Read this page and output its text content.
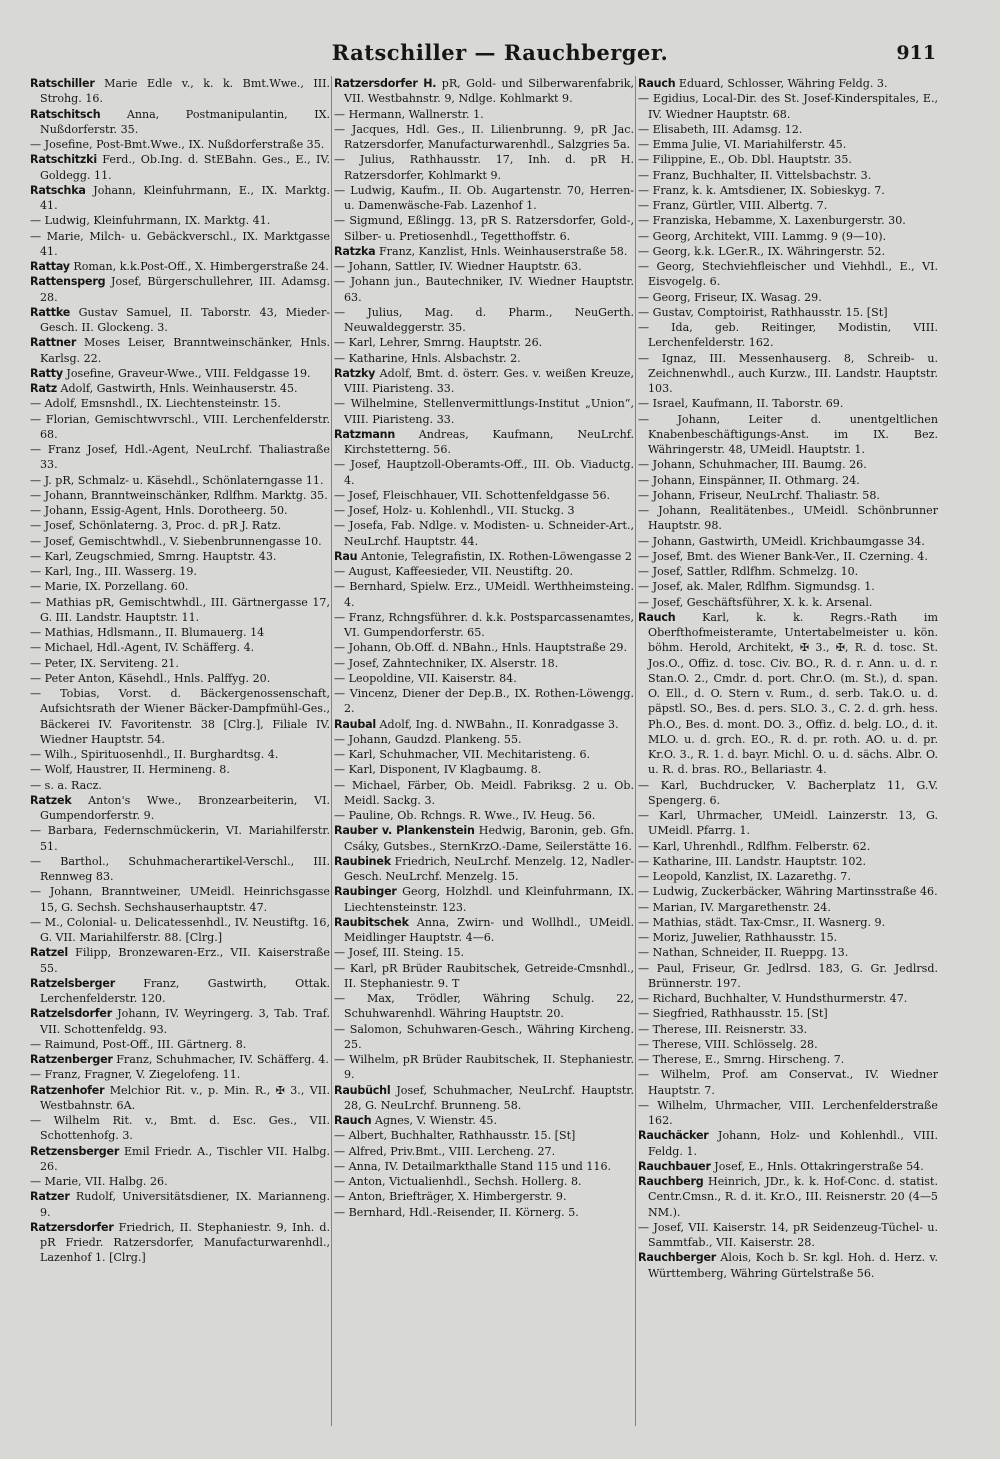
Ratschiller — Rauchberger.	911

Ratschiller Marie Edle v., k. k. Bmt.Wwe., III. Strohg. 16.

Ratschitsch Anna, Postmanipulantin, IX. Nußdorferstr. 35.

— Josefine, Post-Bmt.Wwe., IX. Nußdorferstraße 35.

Ratschitzki Ferd., Ob.Ing. d. StEBahn. Ges., E., IV. Goldegg. 11.

Ratschka Johann, Kleinfuhrmann, E., IX. Marktg. 41.

— Ludwig, Kleinfuhrmann, IX. Marktg. 41.

— Marie, Milch- u. Gebäckverschl., IX. Marktgasse 41.

Rattay Roman, k.k.Post-Off., X. Himbergerstraße 24.

Rattensperg Josef, Bürgerschullehrer, III. Adamsg. 28.

Rattke Gustav Samuel, II. Taborstr. 43, Mieder-Gesch. II. Glockeng. 3.

Rattner Moses Leiser, Branntweinschänker, Hnls. Karlsg. 22.

Ratty Josefine, Graveur-Wwe., VIII. Feldgasse 19.

Ratz Adolf, Gastwirth, Hnls. Weinhauserstr. 45.

— Adolf, Emsnshdl., IX. Liechtensteinstr. 15.

— Florian, Gemischtwvrschl., VIII. Lerchenfelderstr. 68.

— Franz Josef, Hdl.-Agent, NeuLrchf. Thaliastraße 33.

— J. pR, Schmalz- u. Käsehdl., Schönlaterngasse 11.

— Johann, Branntweinschänker, Rdlfhm. Marktg. 35.

— Johann, Essig-Agent, Hnls. Dorotheerg. 50.

— Josef, Schönlaterng. 3, Proc. d. pR J. Ratz.

— Josef, Gemischtwhdl., V. Siebenbrunnengasse 10.

— Karl, Zeugschmied, Smrng. Hauptstr. 43.

— Karl, Ing., III. Wasserg. 19.

— Marie, IX. Porzellang. 60.

— Mathias pR, Gemischtwhdl., III. Gärtnergasse 17, G. III. Landstr. Hauptstr. 11.

— Mathias, Hdlsmann., II. Blumauerg. 14

— Michael, Hdl.-Agent, IV. Schäfferg. 4.

— Peter, IX. Serviteng. 21.

— Peter Anton, Käsehdl., Hnls. Palffyg. 20.

— Tobias, Vorst. d. Bäckergenossenschaft, Aufsichtsrath der Wiener Bäcker-Dampfmühl-Ges., Bäckerei IV. Favoritenstr. 38 [Clrg.], Filiale IV. Wiedner Hauptstr. 54.

— Wilh., Spirituosenhdl., II. Burghardtsg. 4.

— Wolf, Haustrer, II. Hermineng. 8.

— s. a. Racz.

Ratzek Anton's Wwe., Bronzearbeiterin, VI. Gumpendorferstr. 9.

— Barbara, Federnschmückerin, VI. Mariahilferstr. 51.

— Barthol., Schuhmacherartikel-Verschl., III. Rennweg 83.

— Johann, Branntweiner, UMeidl. Heinrichsgasse 15, G. Sechsh. Sechshauserhauptstr. 47.

— M., Colonial- u. Delicatessenhdl., IV. Neustiftg. 16, G. VII. Mariahilferstr. 88. [Clrg.]

Ratzel Filipp, Bronzewaren-Erz., VII. Kaiserstraße 55.

Ratzelsberger Franz, Gastwirth, Ottak. Lerchenfelderstr. 120.

Ratzelsdorfer Johann, IV. Weyringerg. 3, Tab. Traf. VII. Schottenfeldg. 93.

— Raimund, Post-Off., III. Gärtnerg. 8.

Ratzenberger Franz, Schuhmacher, IV. Schäfferg. 4.

— Franz, Fragner, V. Ziegelofeng. 11.

Ratzenhofer Melchior Rit. v., p. Min. R., ✠ 3., VII. Westbahnstr. 6A.

— Wilhelm Rit. v., Bmt. d. Esc. Ges., VII. Schottenhofg. 3.

Retzensberger Emil Friedr. A., Tischler VII. Halbg. 26.

— Marie, VII. Halbg. 26.

Ratzer Rudolf, Universitätsdiener, IX. Marianneng. 9.

Ratzersdorfer Friedrich, II. Stephaniestr. 9, Inh. d. pR Friedr. Ratzersdorfer, Manufacturwarenhdl., Lazenhof 1. [Clrg.]

Ratzersdorfer H. pR, Gold- und Silberwarenfabrik, VII. Westbahnstr. 9, Ndlge. Kohlmarkt 9.

— Hermann, Wallnerstr. 1.

— Jacques, Hdl. Ges., II. Lilienbrunng. 9, pR Jac. Ratzersdorfer, Manufacturwarenhdl., Salzgries 5a.

— Julius, Rathhausstr. 17, Inh. d. pR H. Ratzersdorfer, Kohlmarkt 9.

— Ludwig, Kaufm., II. Ob. Augartenstr. 70, Herren- u. Damenwäsche-Fab. Lazenhof 1.

— Sigmund, Eßlingg. 13, pR S. Ratzersdorfer, Gold-, Silber- u. Pretiosenhdl., Tegetthoffstr. 6.

Ratzka Franz, Kanzlist, Hnls. Weinhauserstraße 58.

— Johann, Sattler, IV. Wiedner Hauptstr. 63.

— Johann jun., Bautechniker, IV. Wiedner Hauptstr. 63.

— Julius, Mag. d. Pharm., NeuGerth. Neuwaldeggerstr. 35.

— Karl, Lehrer, Smrng. Hauptstr. 26.

— Katharine, Hnls. Alsbachstr. 2.

Ratzky Adolf, Bmt. d. österr. Ges. v. weißen Kreuze, VIII. Piaristeng. 33.

— Wilhelmine, Stellenvermittlungs-Institut „Union“, VIII. Piaristeng. 33.

Ratzmann Andreas, Kaufmann, NeuLrchf. Kirchstetterng. 56.

— Josef, Hauptzoll-Oberamts-Off., III. Ob. Viaductg. 4.

— Josef, Fleischhauer, VII. Schottenfeldgasse 56.

— Josef, Holz- u. Kohlenhdl., VII. Stuckg. 3

— Josefa, Fab. Ndlge. v. Modisten- u. Schneider-Art., NeuLrchf. Hauptstr. 44.

Rau Antonie, Telegrafistin, IX. Rothen-Löwengasse 2

— August, Kaffeesieder, VII. Neustiftg. 20.

— Bernhard, Spielw. Erz., UMeidl. Werthheimsteing. 4.

— Franz, Rchngsführer. d. k.k. Postsparcassenamtes, VI. Gumpendorferstr. 65.

— Johann, Ob.Off. d. NBahn., Hnls. Hauptstraße 29.

— Josef, Zahntechniker, IX. Alserstr. 18.

— Leopoldine, VII. Kaiserstr. 84.

— Vincenz, Diener der Dep.B., IX. Rothen-Löwengg. 2.

Raubal Adolf, Ing. d. NWBahn., II. Konradgasse 3.

— Johann, Gaudzd. Plankeng. 55.

— Karl, Schuhmacher, VII. Mechitaristeng. 6.

— Karl, Disponent, IV Klagbaumg. 8.

— Michael, Färber, Ob. Meidl. Fabriksg. 2 u. Ob. Meidl. Sackg. 3.

— Pauline, Ob. Rchngs. R. Wwe., IV. Heug. 56.

Rauber v. Plankenstein Hedwig, Baronin, geb. Gfn. Csáky, Gutsbes., SternKrzO.-Dame, Seilerstätte 16.

Raubinek Friedrich, NeuLrchf. Menzelg. 12, Nadler-Gesch. NeuLrchf. Menzelg. 15.

Raubinger Georg, Holzhdl. und Kleinfuhrmann, IX. Liechtensteinstr. 123.

Raubitschek Anna, Zwirn- und Wollhdl., UMeidl. Meidlinger Hauptstr. 4—6.

— Josef, III. Steing. 15.

— Karl, pR Brüder Raubitschek, Getreide-Cmsnhdl., II. Stephaniestr. 9. T

— Max, Trödler, Währing Schulg. 22, Schuhwarenhdl. Währing Hauptstr. 20.

— Salomon, Schuhwaren-Gesch., Währing Kircheng. 25.

— Wilhelm, pR Brüder Raubitschek, II. Stephaniestr. 9.

Raubüchl Josef, Schuhmacher, NeuLrchf. Hauptstr. 28, G. NeuLrchf. Brunneng. 58.

Rauch Agnes, V. Wienstr. 45.

— Albert, Buchhalter, Rathhausstr. 15. [St]

— Alfred, Priv.Bmt., VIII. Lercheng. 27.

— Anna, IV. Detailmarkthalle Stand 115 und 116.

— Anton, Victualienhdl., Sechsh. Hollerg. 8.

— Anton, Briefträger, X. Himbergerstr. 9.

— Bernhard, Hdl.-Reisender, II. Körnerg. 5.

Rauch Eduard, Schlosser, Währing Feldg. 3.

— Egidius, Local-Dir. des St. Josef-Kinderspitales, E., IV. Wiedner Hauptstr. 68.

— Elisabeth, III. Adamsg. 12.

— Emma Julie, VI. Mariahilferstr. 45.

— Filippine, E., Ob. Dbl. Hauptstr. 35.

— Franz, Buchhalter, II. Vittelsbachstr. 3.

— Franz, k. k. Amtsdiener, IX. Sobieskyg. 7.

— Franz, Gürtler, VIII. Albertg. 7.

— Franziska, Hebamme, X. Laxenburgerstr. 30.

— Georg, Architekt, VIII. Lammg. 9 (9—10).

— Georg, k.k. LGer.R., IX. Währingerstr. 52.

— Georg, Stechviehfleischer und Viehhdl., E., VI. Eisvogelg. 6.

— Georg, Friseur, IX. Wasag. 29.

— Gustav, Comptoirist, Rathhausstr. 15. [St]

— Ida, geb. Reitinger, Modistin, VIII. Lerchenfelderstr. 162.

— Ignaz, III. Messenhauserg. 8, Schreib- u. Zeichnenwhdl., auch Kurzw., III. Landstr. Hauptstr. 103.

— Israel, Kaufmann, II. Taborstr. 69.

— Johann, Leiter d. unentgeltlichen Knabenbeschäftigungs-Anst. im IX. Bez. Währingerstr. 48, UMeidl. Hauptstr. 1.

— Johann, Schuhmacher, III. Baumg. 26.

— Johann, Einspänner, II. Othmarg. 24.

— Johann, Friseur, NeuLrchf. Thaliastr. 58.

— Johann, Realitätenbes., UMeidl. Schönbrunner Hauptstr. 98.

— Johann, Gastwirth, UMeidl. Krichbaumgasse 34.

— Josef, Bmt. des Wiener Bank-Ver., II. Czerning. 4.

— Josef, Sattler, Rdlfhm. Schmelzg. 10.

— Josef, ak. Maler, Rdlfhm. Sigmundsg. 1.

— Josef, Geschäftsführer, X. k. k. Arsenal.

Rauch Karl, k. k. Regrs.-Rath im Oberfthofmeisteramte, Untertabelmeister u. kön. böhm. Herold, Architekt, ✠ 3., ✠, R. d. tosc. St. Jos.O., Offiz. d. tosc. Civ. BO., R. d. r. Ann. u. d. r. Stan.O. 2., Cmdr. d. port. Chr.O. (m. St.), d. span. O. Ell., d. O. Stern v. Rum., d. serb. Tak.O. u. d. päpstl. SO., Bes. d. pers. SLO. 3., C. 2. d. grh. hess. Ph.O., Bes. d. mont. DO. 3., Offiz. d. belg. LO., d. it. MLO. u. d. grch. EO., R. d. pr. roth. AO. u. d. pr. Kr.O. 3., R. 1. d. bayr. Michl. O. u. d. sächs. Albr. O. u. R. d. bras. RO., Bellariastr. 4.

— Karl, Buchdrucker, V. Bacherplatz 11, G.V. Spengerg. 6.

— Karl, Uhrmacher, UMeidl. Lainzerstr. 13, G. UMeidl. Pfarrg. 1.

— Karl, Uhrenhdl., Rdlfhm. Felberstr. 62.

— Katharine, III. Landstr. Hauptstr. 102.

— Leopold, Kanzlist, IX. Lazarethg. 7.

— Ludwig, Zuckerbäcker, Währing Martinsstraße 46.

— Marian, IV. Margarethenstr. 24.

— Mathias, städt. Tax-Cmsr., II. Wasnerg. 9.

— Moriz, Juwelier, Rathhausstr. 15.

— Nathan, Schneider, II. Rueppg. 13.

— Paul, Friseur, Gr. Jedlrsd. 183, G. Gr. Jedlrsd. Brünnerstr. 197.

— Richard, Buchhalter, V. Hundsthurmerstr. 47.

— Siegfried, Rathhausstr. 15. [St]

— Therese, III. Reisnerstr. 33.

— Therese, VIII. Schlösselg. 28.

— Therese, E., Smrng. Hirscheng. 7.

— Wilhelm, Prof. am Conservat., IV. Wiedner Hauptstr. 7.

— Wilhelm, Uhrmacher, VIII. Lerchenfelderstraße 162.

Rauchäcker Johann, Holz- und Kohlenhdl., VIII. Feldg. 1.

Rauchbauer Josef, E., Hnls. Ottakringerstraße 54.

Rauchberg Heinrich, JDr., k. k. Hof-Conc. d. statist. Centr.Cmsn., R. d. it. Kr.O., III. Reisnerstr. 20 (4—5 NM.).

— Josef, VII. Kaiserstr. 14, pR Seidenzeug-Tüchel- u. Sammtfab., VII. Kaiserstr. 28.

Rauchberger Alois, Koch b. Sr. kgl. Hoh. d. Herz. v. Württemberg, Währing Gürtelstraße 56.
